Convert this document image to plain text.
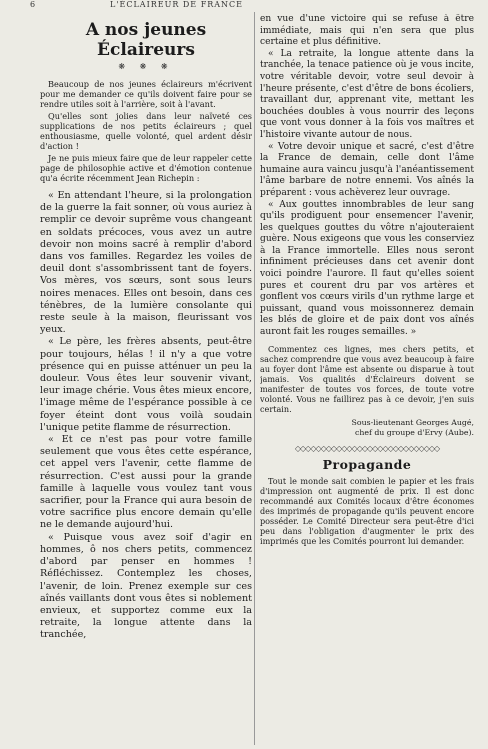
6	L'ÉCLAIREUR DE FRANCE
A nos jeunes Éclaireurs
❋ ❋ ❋

Beaucoup de nos jeunes éclaireurs m'écrivent pour me demander ce qu'ils doivent faire pour se rendre utiles soit à l'arrière, soit à l'avant.

Qu'elles sont jolies dans leur naïveté ces supplications de nos petits éclaireurs ; quel enthousiasme, quelle volonté, quel ardent désir d'action !

Je ne puis mieux faire que de leur rappeler cette page de philosophie active et d'émotion contenue qu'a écrite récemment Jean Richepin :

« En attendant l'heure, si la prolongation de la guerre la fait sonner, où vous auriez à remplir ce devoir suprême vous changeant en soldats précoces, vous avez un autre devoir non moins sacré à remplir d'abord dans vos familles. Regardez les voiles de deuil dont s'assombrissent tant de foyers. Vos mères, vos sœurs, sont sous leurs noires menaces. Elles ont besoin, dans ces ténèbres, de la lumière consolante qui reste seule à la maison, fleurissant vos yeux.

« Le père, les frères absents, peut-être pour toujours, hélas ! il n'y a que votre présence qui en puisse atténuer un peu la douleur. Vous êtes leur souvenir vivant, leur image chérie. Vous êtes mieux encore, l'image même de l'espérance possible à ce foyer éteint dont vous voilà soudain l'unique petite flamme de résurrection.

« Et ce n'est pas pour votre famille seulement que vous êtes cette espérance, cet appel vers l'avenir, cette flamme de résurrection. C'est aussi pour la grande famille à laquelle vous voulez tant vous sacrifier, pour la France qui aura besoin de votre sacrifice plus encore demain qu'elle ne le demande aujourd'hui.

« Puisque vous avez soif d'agir en hommes, ô nos chers petits, commencez d'abord par penser en hommes ! Réfléchissez. Contemplez les choses, l'avenir, de loin. Prenez exemple sur ces aînés vaillants dont vous êtes si noblement envieux, et supportez comme eux la retraite, la longue attente dans la tranchée,

en vue d'une victoire qui se refuse à être immédiate, mais qui n'en sera que plus certaine et plus définitive.

« La retraite, la longue attente dans la tranchée, la tenace patience où je vous incite, votre véritable devoir, votre seul devoir à l'heure présente, c'est d'être de bons écoliers, travaillant dur, apprenant vite, mettant les bouchées doubles à vous nourrir des leçons que vont vous donner à la fois vos maîtres et l'histoire vivante autour de nous.

« Votre devoir unique et sacré, c'est d'être la France de demain, celle dont l'âme humaine aura vaincu jusqu'à l'anéantissement l'âme barbare de notre ennemi. Vos aînés la préparent : vous achèverez leur ouvrage.

« Aux gouttes innombrables de leur sang qu'ils prodiguent pour ensemencer l'avenir, les quelques gouttes du vôtre n'ajouteraient guère. Nous exigeons que vous les conserviez à la France immortelle. Elles nous seront infiniment précieuses dans cet avenir dont voici poindre l'aurore. Il faut qu'elles soient pures et courent dru par vos artères et gonflent vos cœurs virils d'un rythme large et puissant, quand vous moissonnerez demain les blés de gloire et de paix dont vos aînés auront fait les rouges semailles. »

Commentez ces lignes, mes chers petits, et sachez comprendre que vous avez beaucoup à faire au foyer dont l'âme est absente ou disparue à tout jamais. Vos qualités d'Éclaireurs doivent se manifester de toutes vos forces, de toute votre volonté. Vous ne faillirez pas à ce devoir, j'en suis certain.

Sous-lieutenant Georges Augé,
chef du groupe d'Ervy (Aube).
◇◇◇◇◇◇◇◇◇◇◇◇◇◇◇◇◇◇◇◇◇◇◇◇◇◇◇◇
Propagande

Tout le monde sait combien le papier et les frais d'impression ont augmenté de prix. Il est donc recommandé aux Comités locaux d'être économes des imprimés de propagande qu'ils peuvent encore posséder. Le Comité Directeur sera peut-être d'ici peu dans l'obligation d'augmenter le prix des imprimés que les Comités pourront lui demander.
